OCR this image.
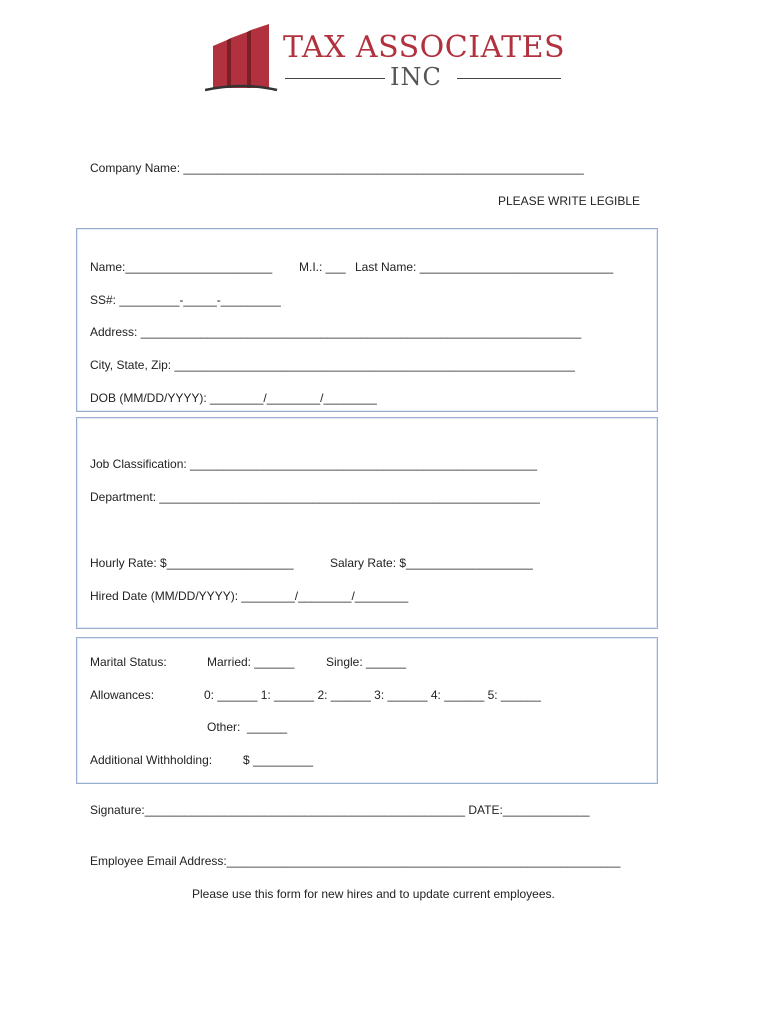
TAX ASSOCIATES
INC
Company Name: ____________________________________________________________
PLEASE WRITE LEGIBLE
Name:______________________ M.I.: ___ Last Name: _____________________________
SS#: _________-_____-_________
Address: __________________________________________________________________
City, State, Zip: ____________________________________________________________
DOB (MM/DD/YYYY): ________/________/________
Job Classification: ____________________________________________________
Department: _________________________________________________________
Hourly Rate: $___________________	Salary Rate: $___________________
Hired Date (MM/DD/YYYY): ________/________/________
Marital Status:	Married: ______	Single: ______
Allowances:	0: ______ 1: ______ 2: ______ 3: ______ 4: ______ 5: ______
Other:  ______
Additional Withholding:	$ _________
Signature:________________________________________________ DATE:_____________
Employee Email Address:___________________________________________________________
Please use this form for new hires and to update current employees.
